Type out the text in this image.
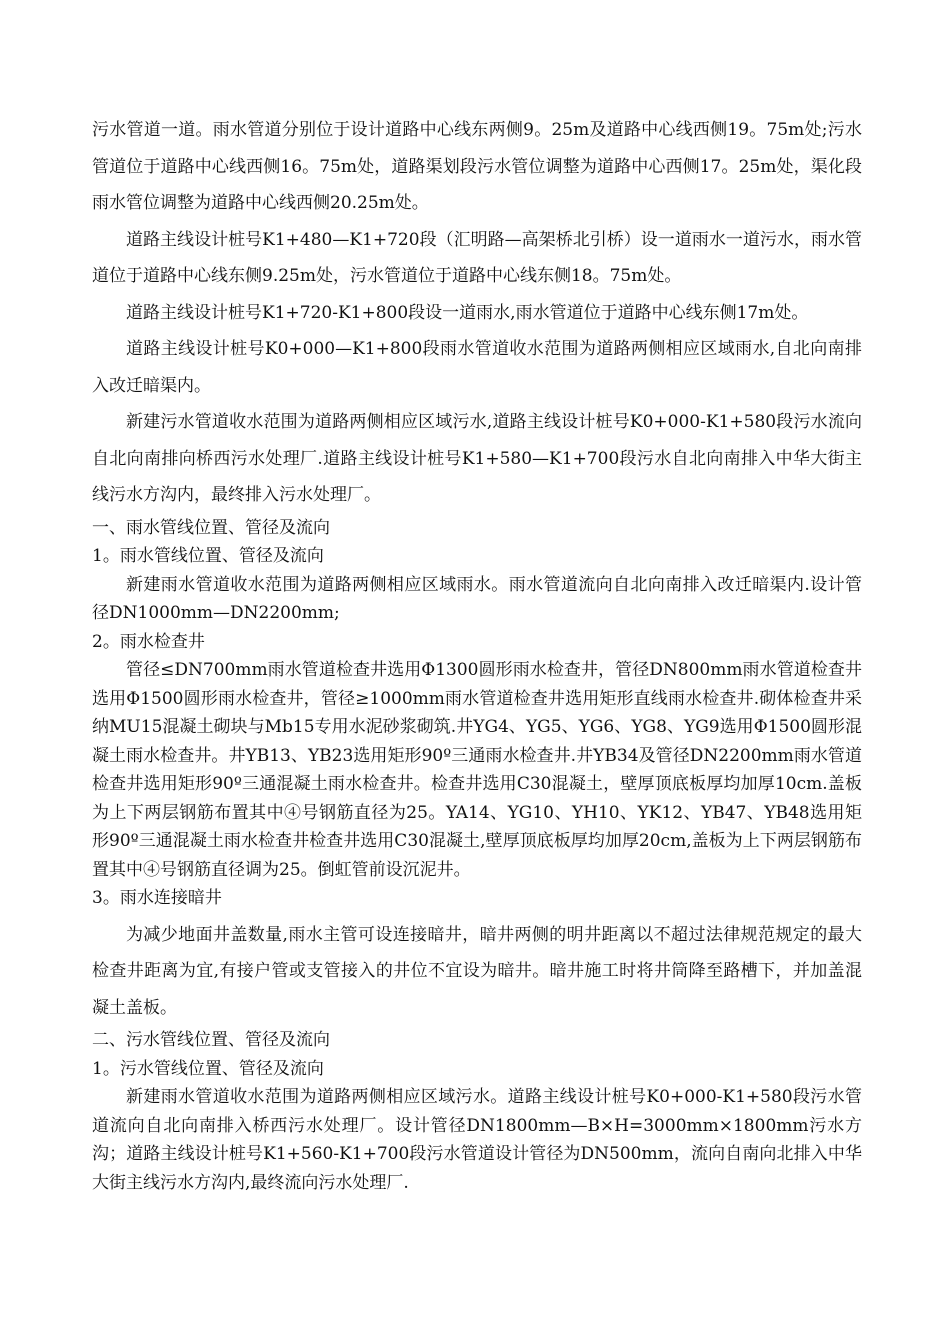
污水管道一道。雨水管道分别位于设计道路中心线东两侧9。25m及道路中心线西侧19。75m处;污水管道位于道路中心线西侧16。75m处，道路渠划段污水管位调整为道路中心西侧17。25m处，渠化段雨水管位调整为道路中心线西侧20.25m处。

道路主线设计桩号K1+480—K1+720段（汇明路—高架桥北引桥）设一道雨水一道污水，雨水管道位于道路中心线东侧9.25m处，污水管道位于道路中心线东侧18。75m处。

道路主线设计桩号K1+720-K1+800段设一道雨水,雨水管道位于道路中心线东侧17m处。

道路主线设计桩号K0+000—K1+800段雨水管道收水范围为道路两侧相应区域雨水,自北向南排入改迁暗渠内。

新建污水管道收水范围为道路两侧相应区域污水,道路主线设计桩号K0+000-K1+580段污水流向自北向南排向桥西污水处理厂.道路主线设计桩号K1+580—K1+700段污水自北向南排入中华大街主线污水方沟内，最终排入污水处理厂。

一、雨水管线位置、管径及流向

1。雨水管线位置、管径及流向

新建雨水管道收水范围为道路两侧相应区域雨水。雨水管道流向自北向南排入改迁暗渠内.设计管径DN1000mm—DN2200mm;

2。雨水检查井

管径≤DN700mm雨水管道检查井选用Φ1300圆形雨水检查井，管径DN800mm雨水管道检查井选用Φ1500圆形雨水检查井，管径≥1000mm雨水管道检查井选用矩形直线雨水检查井.砌体检查井采纳MU15混凝土砌块与Mb15专用水泥砂浆砌筑.井YG4、YG5、YG6、YG8、YG9选用Φ1500圆形混凝土雨水检查井。井YB13、YB23选用矩形90º三通雨水检查井.井YB34及管径DN2200mm雨水管道检查井选用矩形90º三通混凝土雨水检查井。检查井选用C30混凝土，壁厚顶底板厚均加厚10cm.盖板为上下两层钢筋布置其中④号钢筋直径为25。YA14、YG10、YH10、YK12、YB47、YB48选用矩形90º三通混凝土雨水检查井检查井选用C30混凝土,壁厚顶底板厚均加厚20cm,盖板为上下两层钢筋布置其中④号钢筋直径调为25。倒虹管前设沉泥井。

3。雨水连接暗井

为减少地面井盖数量,雨水主管可设连接暗井，暗井两侧的明井距离以不超过法律规范规定的最大检查井距离为宜,有接户管或支管接入的井位不宜设为暗井。暗井施工时将井筒降至路槽下，并加盖混凝土盖板。

二、污水管线位置、管径及流向

1。污水管线位置、管径及流向

新建雨水管道收水范围为道路两侧相应区域污水。道路主线设计桩号K0+000-K1+580段污水管道流向自北向南排入桥西污水处理厂。设计管径DN1800mm—B×H=3000mm×1800mm污水方沟；道路主线设计桩号K1+560-K1+700段污水管道设计管径为DN500mm，流向自南向北排入中华大街主线污水方沟内,最终流向污水处理厂.
